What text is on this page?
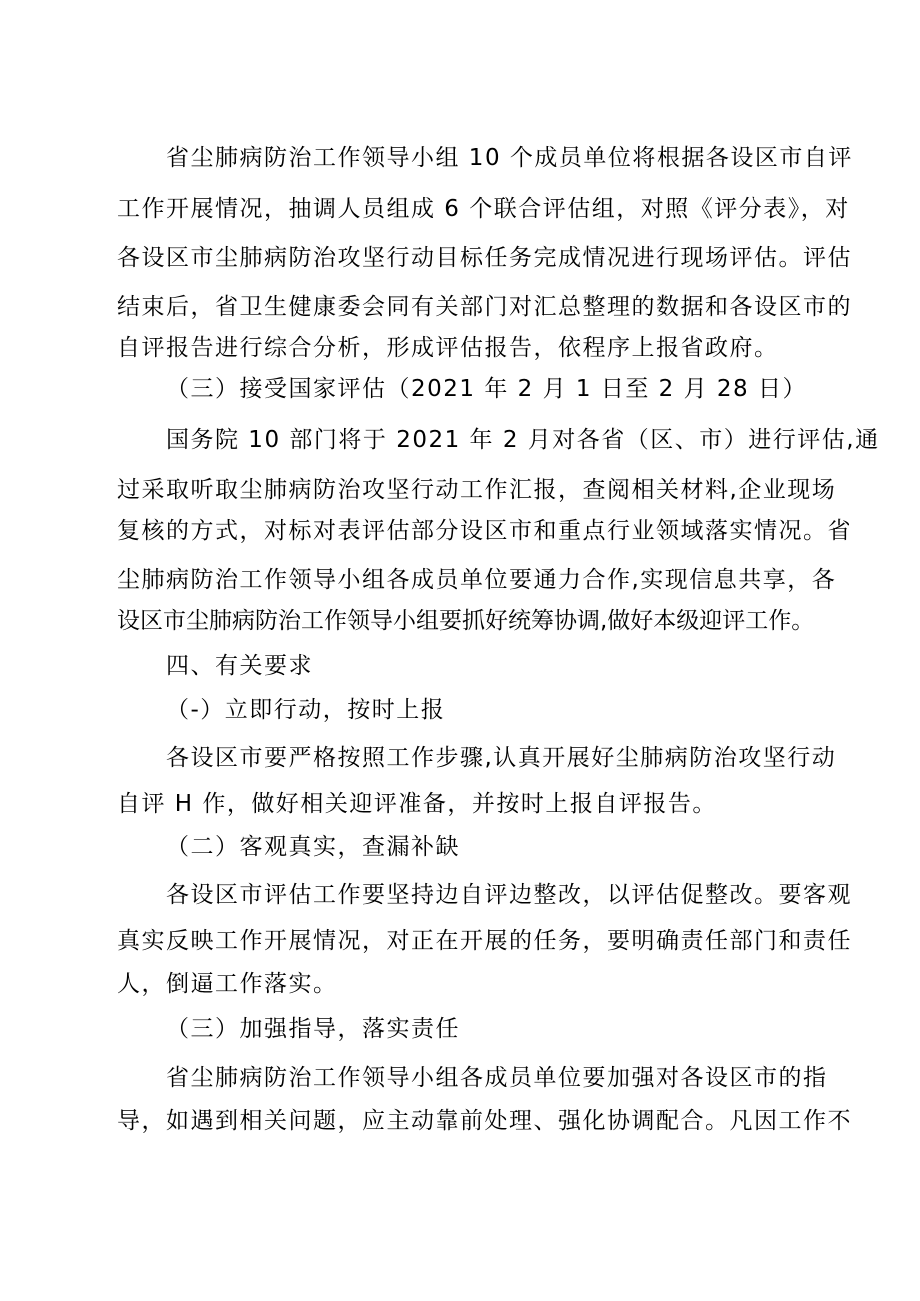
省尘肺病防治工作领导小组 10 个成员单位将根据各设区市自评
工作开展情况，抽调人员组成 6 个联合评估组，对照《评分表》，对
各设区市尘肺病防治攻坚行动目标任务完成情况进行现场评估。评估
结束后，省卫生健康委会同有关部门对汇总整理的数据和各设区市的
自评报告进行综合分析，形成评估报告，依程序上报省政府。
（三）接受国家评估（2021 年 2 月 1 日至 2 月 28 日）
国务院 10 部门将于 2021 年 2 月对各省（区、市）进行评估,通
过采取听取尘肺病防治攻坚行动工作汇报，查阅相关材料,企业现场
复核的方式，对标对表评估部分设区市和重点行业领域落实情况。省
尘肺病防治工作领导小组各成员单位要通力合作,实现信息共享，各
设区市尘肺病防治工作领导小组要抓好统筹协调,做好本级迎评工作。
四、有关要求
（-）立即行动，按时上报
各设区市要严格按照工作步骤,认真开展好尘肺病防治攻坚行动
自评 H 作，做好相关迎评准备，并按时上报自评报告。
（二）客观真实，查漏补缺
各设区市评估工作要坚持边自评边整改，以评估促整改。要客观
真实反映工作开展情况，对正在开展的任务，要明确责任部门和责任
人，倒逼工作落实。
（三）加强指导，落实责任
省尘肺病防治工作领导小组各成员单位要加强对各设区市的指
导，如遇到相关问题，应主动靠前处理、强化协调配合。凡因工作不
